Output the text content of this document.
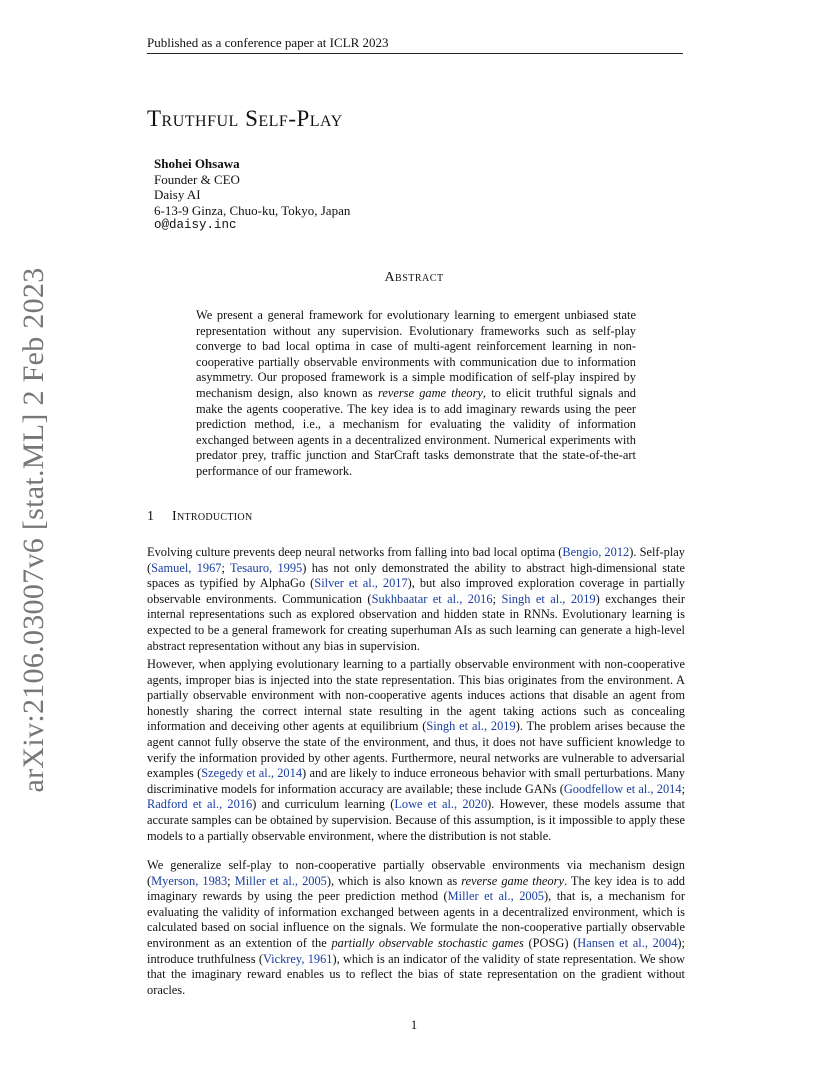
Published as a conference paper at ICLR 2023
arXiv:2106.03007v6 [stat.ML] 2 Feb 2023
Truthful Self-Play
Shohei Ohsawa
Founder & CEO
Daisy AI
6-13-9 Ginza, Chuo-ku, Tokyo, Japan
o@daisy.inc
Abstract

We present a general framework for evolutionary learning to emergent unbiased state representation without any supervision. Evolutionary frameworks such as self-play converge to bad local optima in case of multi-agent reinforcement learning in non-cooperative partially observable environments with communication due to information asymmetry. Our proposed framework is a simple modification of self-play inspired by mechanism design, also known as reverse game theory, to elicit truthful signals and make the agents cooperative. The key idea is to add imaginary rewards using the peer prediction method, i.e., a mechanism for evaluating the validity of information exchanged between agents in a decentralized environment. Numerical experiments with predator prey, traffic junction and StarCraft tasks demonstrate that the state-of-the-art performance of our framework.

1 Introduction

Evolving culture prevents deep neural networks from falling into bad local optima (Bengio, 2012). Self-play (Samuel, 1967; Tesauro, 1995) has not only demonstrated the ability to abstract high-dimensional state spaces as typified by AlphaGo (Silver et al., 2017), but also improved exploration coverage in partially observable environments. Communication (Sukhbaatar et al., 2016; Singh et al., 2019) exchanges their internal representations such as explored observation and hidden state in RNNs. Evolutionary learning is expected to be a general framework for creating superhuman AIs as such learning can generate a high-level abstract representation without any bias in supervision.

However, when applying evolutionary learning to a partially observable environment with non-cooperative agents, improper bias is injected into the state representation. This bias originates from the environment. A partially observable environment with non-cooperative agents induces actions that disable an agent from honestly sharing the correct internal state resulting in the agent taking actions such as concealing information and deceiving other agents at equilibrium (Singh et al., 2019). The problem arises because the agent cannot fully observe the state of the environment, and thus, it does not have sufficient knowledge to verify the information provided by other agents. Furthermore, neural networks are vulnerable to adversarial examples (Szegedy et al., 2014) and are likely to induce erroneous behavior with small perturbations. Many discriminative models for information accuracy are available; these include GANs (Goodfellow et al., 2014; Radford et al., 2016) and curriculum learning (Lowe et al., 2020). However, these models assume that accurate samples can be obtained by supervision. Because of this assumption, is it impossible to apply these models to a partially observable environment, where the distribution is not stable.

We generalize self-play to non-cooperative partially observable environments via mechanism design (Myerson, 1983; Miller et al., 2005), which is also known as reverse game theory. The key idea is to add imaginary rewards by using the peer prediction method (Miller et al., 2005), that is, a mechanism for evaluating the validity of information exchanged between agents in a decentralized environment, which is calculated based on social influence on the signals. We formulate the non-cooperative partially observable environment as an extention of the partially observable stochastic games (POSG) (Hansen et al., 2004); introduce truthfulness (Vickrey, 1961), which is an indicator of the validity of state representation. We show that the imaginary reward enables us to reflect the bias of state representation on the gradient without oracles.

1
